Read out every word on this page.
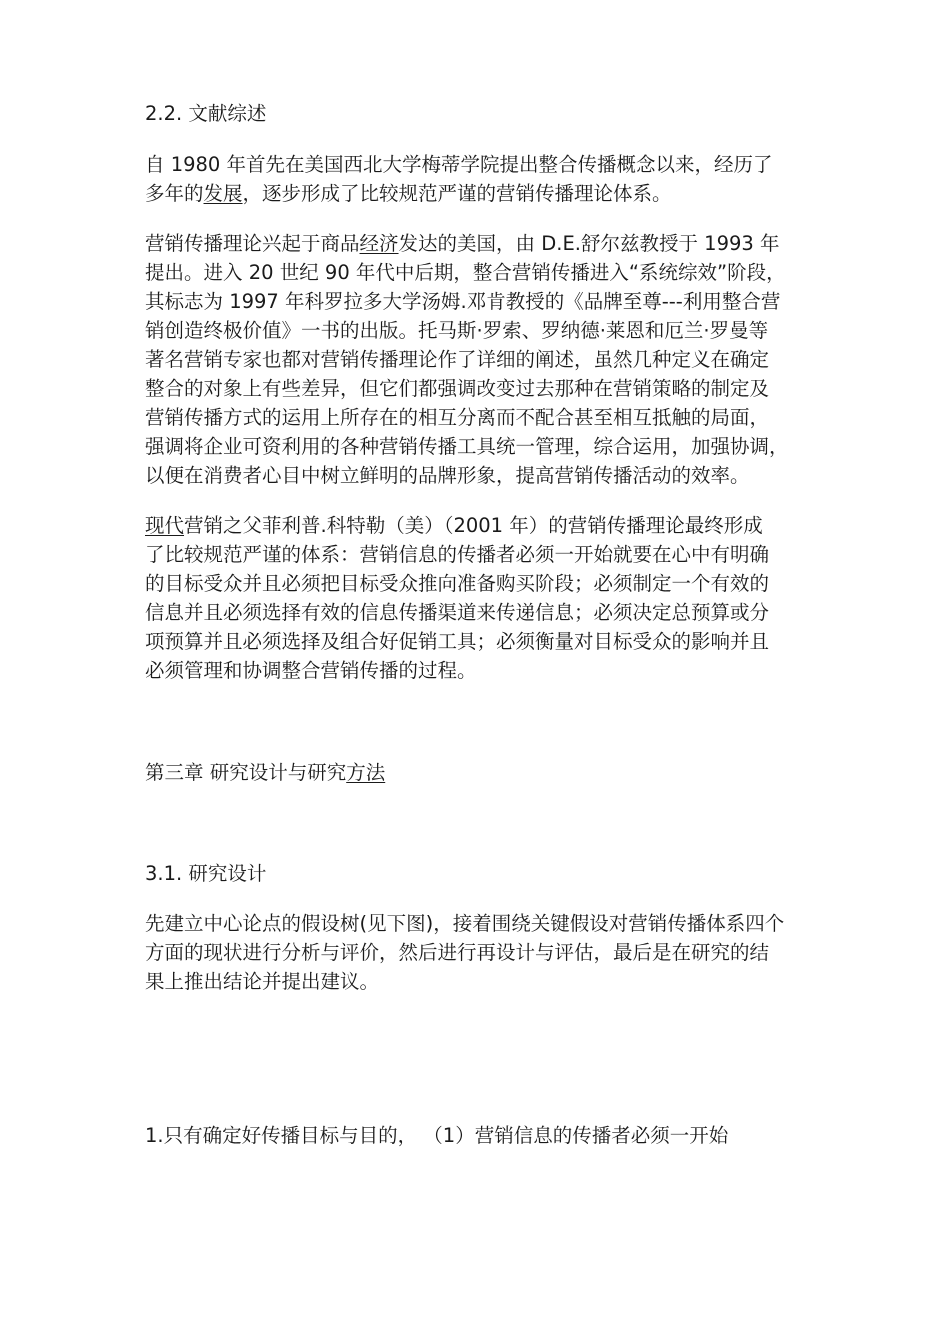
2.2. 文献综述

自 1980 年首先在美国西北大学梅蒂学院提出整合传播概念以来，经历了
多年的发展，逐步形成了比较规范严谨的营销传播理论体系。

营销传播理论兴起于商品经济发达的美国，由 D.E.舒尔兹教授于 1993 年
提出。进入 20 世纪 90 年代中后期，整合营销传播进入“系统综效”阶段，
其标志为 1997 年科罗拉多大学汤姆.邓肯教授的《品牌至尊---利用整合营
销创造终极价值》一书的出版。托马斯·罗索、罗纳德·莱恩和厄兰·罗曼等
著名营销专家也都对营销传播理论作了详细的阐述，虽然几种定义在确定
整合的对象上有些差异，但它们都强调改变过去那种在营销策略的制定及
营销传播方式的运用上所存在的相互分离而不配合甚至相互抵触的局面，
强调将企业可资利用的各种营销传播工具统一管理，综合运用，加强协调，
以便在消费者心目中树立鲜明的品牌形象，提高营销传播活动的效率。

现代营销之父菲利普.科特勒（美）（2001 年）的营销传播理论最终形成
了比较规范严谨的体系：营销信息的传播者必须一开始就要在心中有明确
的目标受众并且必须把目标受众推向准备购买阶段；必须制定一个有效的
信息并且必须选择有效的信息传播渠道来传递信息；必须决定总预算或分
项预算并且必须选择及组合好促销工具；必须衡量对目标受众的影响并且
必须管理和协调整合营销传播的过程。

第三章 研究设计与研究方法

3.1. 研究设计

先建立中心论点的假设树(见下图)，接着围绕关键假设对营销传播体系四个
方面的现状进行分析与评价，然后进行再设计与评估，最后是在研究的结
果上推出结论并提出建议。

1.只有确定好传播目标与目的， （1）营销信息的传播者必须一开始
